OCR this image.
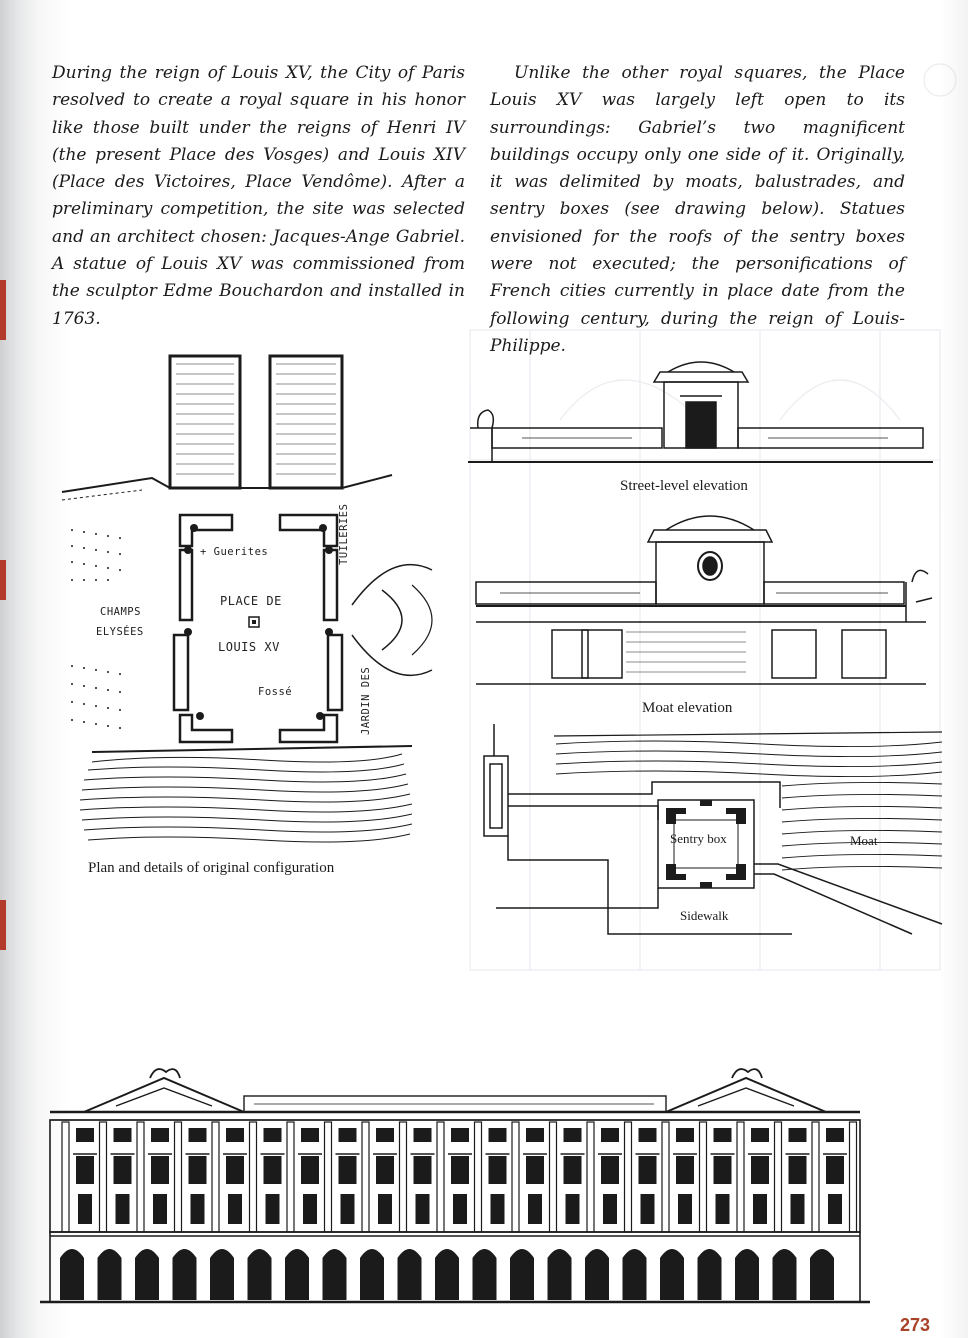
During the reign of Louis XV, the City of Paris resolved to create a royal square in his honor like those built under the reigns of Henri IV (the present Place des Vosges) and Louis XIV (Place des Victoires, Place Vendôme). After a preliminary competition, the site was selected and an architect chosen: Jacques-Ange Gabriel. A statue of Louis XV was commissioned from the sculptor Edme Bouchardon and installed in 1763.

Unlike the other royal squares, the Place Louis XV was largely left open to its surroundings: Gabriel’s two magnificent buildings occupy only one side of it. Originally, it was delimited by moats, balustrades, and sentry boxes (see drawing below). Statues envisioned for the roofs of the sentry boxes were not executed; the personifications of French cities currently in place date from the following century, during the reign of Louis-Philippe.

+ Guerites
CHAMPS
ELYSÉES
PLACE DE
LOUIS XV
Fossé
TUILERIES
JARDIN DES
Plan and details of original configuration
Street-level elevation
Moat elevation
Sentry box	Moat
Sidewalk
273
